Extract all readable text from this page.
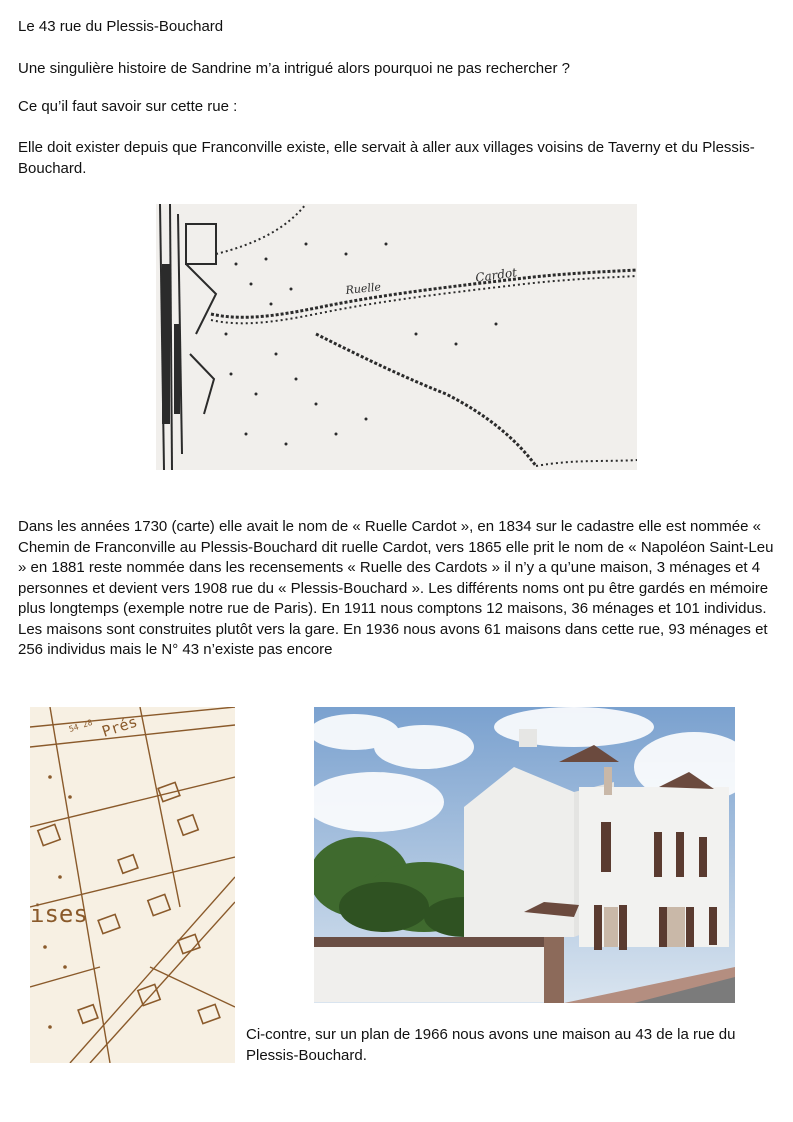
Le 43 rue du Plessis-Bouchard

Une singulière histoire de Sandrine m’a intrigué alors pourquoi ne pas rechercher ?

Ce qu’il faut savoir sur cette rue :

Elle doit exister depuis que Franconville existe, elle servait à aller aux villages voisins de Taverny et du Plessis-Bouchard.

Ruelle
Cardot

Dans les années 1730 (carte) elle avait le nom de « Ruelle Cardot », en 1834 sur le cadastre elle est nommée « Chemin de Franconville au Plessis-Bouchard dit ruelle Cardot, vers 1865 elle prit le nom de « Napoléon Saint-Leu » en 1881 reste nommée dans les recensements « Ruelle des Cardots » il n’y a qu’une maison, 3 ménages et 4 personnes et devient vers 1908 rue du « Plessis-Bouchard ». Les différents noms ont pu être gardés en mémoire plus longtemps (exemple notre rue de Paris). En 1911 nous comptons 12 maisons, 36 ménages et 101 individus. Les maisons sont construites plutôt vers la gare. En 1936 nous avons 61 maisons dans cette rue, 93 ménages et 256 individus mais le N° 43 n’existe pas encore

Prés
54 28
ises

Ci-contre, sur un plan de 1966 nous avons une maison au 43 de la rue du Plessis-Bouchard.
